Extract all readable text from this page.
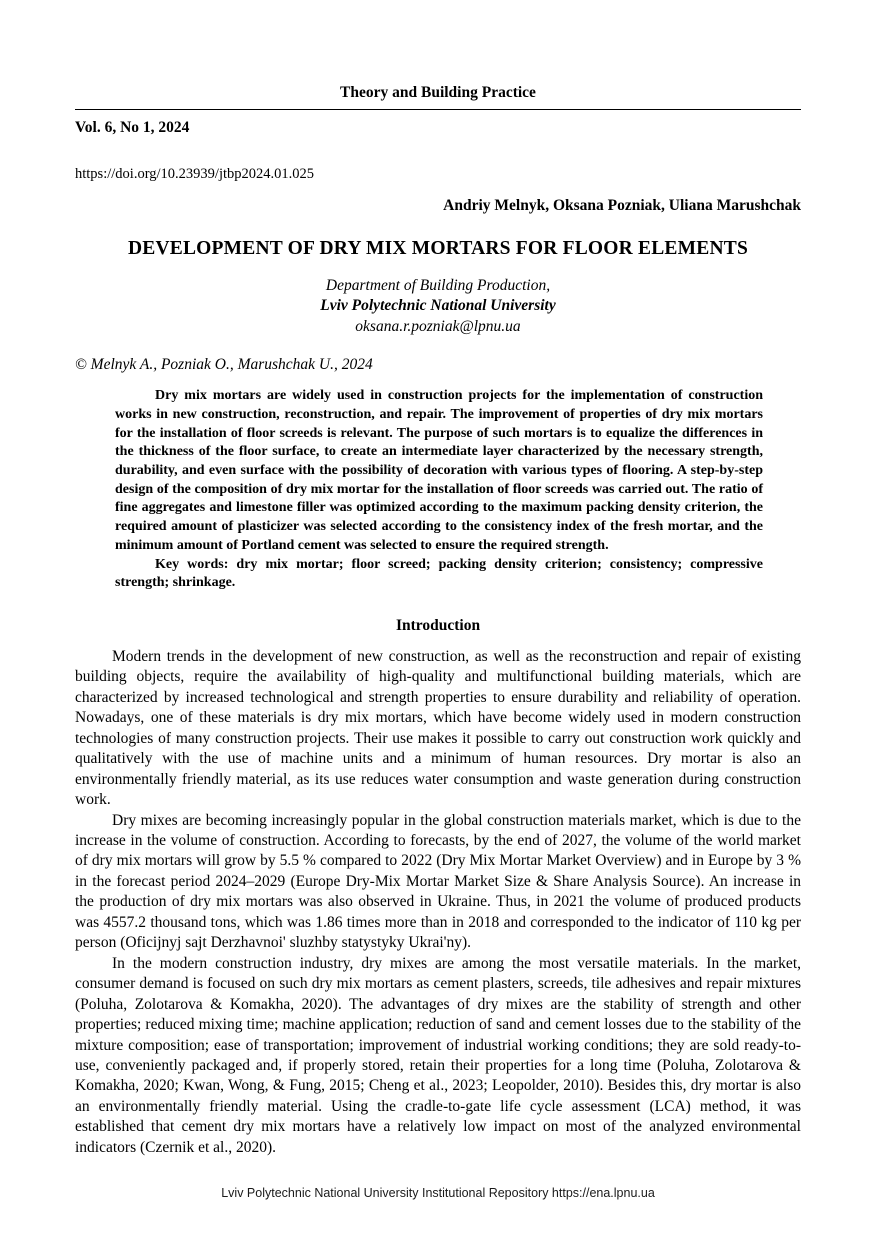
Theory and Building Practice
Vol. 6, No 1, 2024
https://doi.org/10.23939/jtbp2024.01.025
Andriy Melnyk, Oksana Pozniak, Uliana Marushchak
DEVELOPMENT OF DRY MIX MORTARS FOR FLOOR ELEMENTS
Department of Building Production,
Lviv Polytechnic National University
oksana.r.pozniak@lpnu.ua
© Melnyk A., Pozniak O., Marushchak U., 2024

Dry mix mortars are widely used in construction projects for the implementation of construction works in new construction, reconstruction, and repair. The improvement of properties of dry mix mortars for the installation of floor screeds is relevant. The purpose of such mortars is to equalize the differences in the thickness of the floor surface, to create an intermediate layer characterized by the necessary strength, durability, and even surface with the possibility of decoration with various types of flooring. A step-by-step design of the composition of dry mix mortar for the installation of floor screeds was carried out. The ratio of fine aggregates and limestone filler was optimized according to the maximum packing density criterion, the required amount of plasticizer was selected according to the consistency index of the fresh mortar, and the minimum amount of Portland cement was selected to ensure the required strength.

Key words: dry mix mortar; floor screed; packing density criterion; consistency; compressive strength; shrinkage.

Introduction

Modern trends in the development of new construction, as well as the reconstruction and repair of existing building objects, require the availability of high-quality and multifunctional building materials, which are characterized by increased technological and strength properties to ensure durability and reliability of operation. Nowadays, one of these materials is dry mix mortars, which have become widely used in modern construction technologies of many construction projects. Their use makes it possible to carry out construction work quickly and qualitatively with the use of machine units and a minimum of human resources. Dry mortar is also an environmentally friendly material, as its use reduces water consumption and waste generation during construction work.

Dry mixes are becoming increasingly popular in the global construction materials market, which is due to the increase in the volume of construction. According to forecasts, by the end of 2027, the volume of the world market of dry mix mortars will grow by 5.5 % compared to 2022 (Dry Mix Mortar Market Overview) and in Europe by 3 % in the forecast period 2024–2029 (Europe Dry-Mix Mortar Market Size & Share Analysis Source). An increase in the production of dry mix mortars was also observed in Ukraine. Thus, in 2021 the volume of produced products was 4557.2 thousand tons, which was 1.86 times more than in 2018 and corresponded to the indicator of 110 kg per person (Oficijnyj sajt Derzhavnoi' sluzhby statystyky Ukrai'ny).

In the modern construction industry, dry mixes are among the most versatile materials. In the market, consumer demand is focused on such dry mix mortars as cement plasters, screeds, tile adhesives and repair mixtures (Poluha, Zolotarova & Komakha, 2020). The advantages of dry mixes are the stability of strength and other properties; reduced mixing time; machine application; reduction of sand and cement losses due to the stability of the mixture composition; ease of transportation; improvement of industrial working conditions; they are sold ready-to-use, conveniently packaged and, if properly stored, retain their properties for a long time (Poluha, Zolotarova & Komakha, 2020; Kwan, Wong, & Fung, 2015; Cheng et al., 2023; Leopolder, 2010). Besides this, dry mortar is also an environmentally friendly material. Using the cradle-to-gate life cycle assessment (LCA) method, it was established that cement dry mix mortars have a relatively low impact on most of the analyzed environmental indicators (Czernik et al., 2020).

Lviv Polytechnic National University Institutional Repository https://ena.lpnu.ua
